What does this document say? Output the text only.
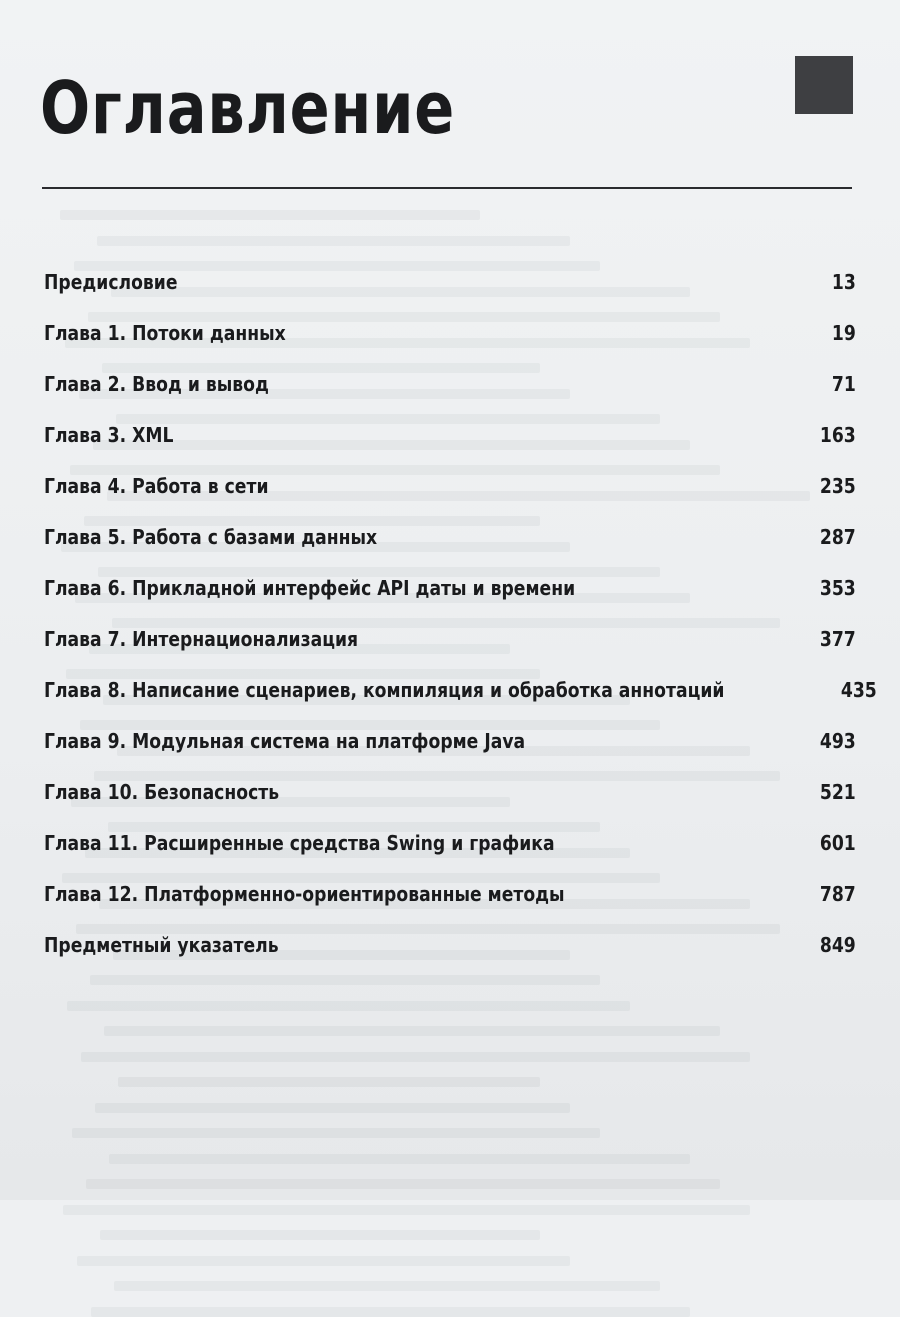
Оглавление
Предисловие	13
Глава 1. Потоки данных	19
Глава 2. Ввод и вывод	71
Глава 3. XML	163
Глава 4. Работа в сети	235
Глава 5. Работа с базами данных	287
Глава 6. Прикладной интерфейс API даты и времени	353
Глава 7. Интернационализация	377
Глава 8. Написание сценариев, компиляция и обработка аннотаций	435
Глава 9. Модульная система на платформе Java	493
Глава 10. Безопасность	521
Глава 11. Расширенные средства Swing и графика	601
Глава 12. Платформенно-ориентированные методы	787
Предметный указатель	849
